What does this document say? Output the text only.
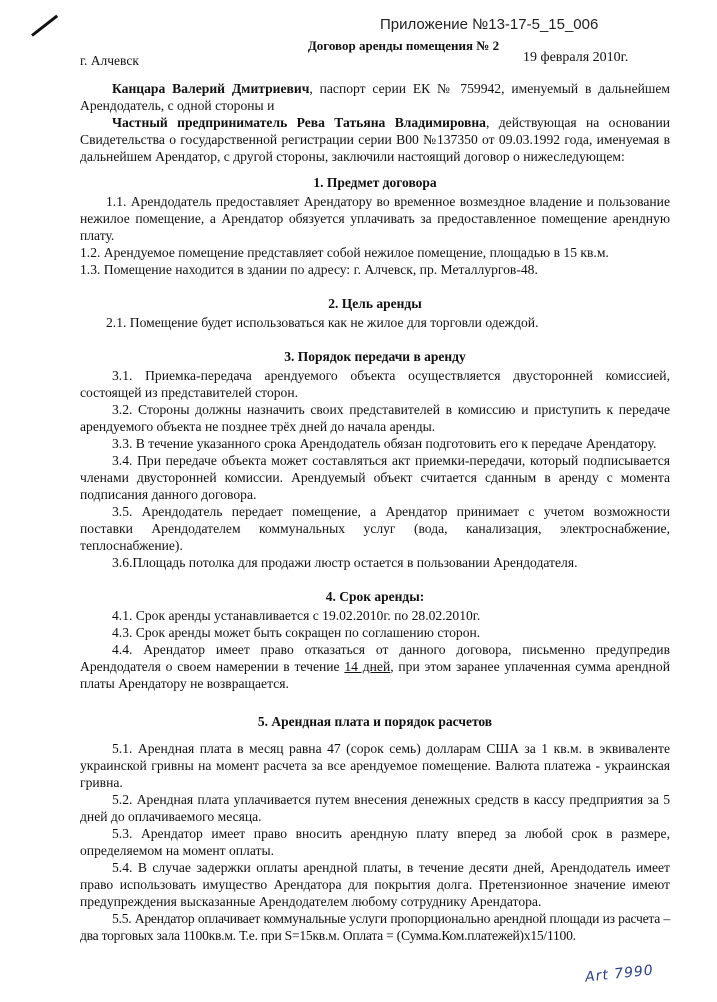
Приложение №13-17-5_15_006
Договор аренды помещения № 2
г. Алчевск	19 февраля 2010г.

Канцара Валерий Дмитриевич, паспорт серии ЕК № 759942, именуемый в дальнейшем Арендодатель, с одной стороны и

Частный предприниматель Рева Татьяна Владимировна, действующая на основании Свидетельства о государственной регистрации серии В00 №137350 от 09.03.1992 года, именуемая в дальнейшем Арендатор, с другой стороны, заключили настоящий договор о нижеследующем:

1. Предмет договора

1.1. Арендодатель предоставляет Арендатору во временное возмездное владение и пользование нежилое помещение, а Арендатор обязуется уплачивать за предоставленное помещение арендную плату.

1.2. Арендуемое помещение представляет собой нежилое помещение, площадью в 15 кв.м.

1.3. Помещение находится в здании по адресу: г. Алчевск, пр. Металлургов-48.

2. Цель аренды

2.1. Помещение будет использоваться как не жилое для торговли одеждой.

3. Порядок передачи в аренду

3.1. Приемка-передача арендуемого объекта осуществляется двусторонней комиссией, состоящей из представителей сторон.

3.2. Стороны должны назначить своих представителей в комиссию и приступить к передаче арендуемого объекта не позднее трёх дней до начала аренды.

3.3. В течение указанного срока Арендодатель обязан подготовить его к передаче Арендатору.

3.4. При передаче объекта может составляться акт приемки-передачи, который подписывается членами двусторонней комиссии. Арендуемый объект считается сданным в аренду с момента подписания данного договора.

3.5. Арендодатель передает помещение, а Арендатор принимает с учетом возможности поставки Арендодателем коммунальных услуг (вода, канализация, электроснабжение, теплоснабжение).

3.6.Площадь потолка для продажи люстр остается в пользовании Арендодателя.

4. Срок аренды:

4.1. Срок аренды устанавливается с 19.02.2010г. по 28.02.2010г.

4.3. Срок аренды может быть сокращен по соглашению сторон.

4.4. Арендатор имеет право отказаться от данного договора, письменно предупредив Арендодателя о своем намерении в течение 14 дней, при этом заранее уплаченная сумма арендной платы Арендатору не возвращается.

5. Арендная плата и порядок расчетов

5.1. Арендная плата в месяц равна 47 (сорок семь) долларам США за 1 кв.м. в эквиваленте украинской гривны на момент расчета за все арендуемое помещение. Валюта платежа - украинская гривна.

5.2. Арендная плата уплачивается путем внесения денежных средств в кассу предприятия за 5 дней до оплачиваемого месяца.

5.3. Арендатор имеет право вносить арендную плату вперед за любой срок в размере, определяемом на момент оплаты.

5.4. В случае задержки оплаты арендной платы, в течение десяти дней, Арендодатель имеет право использовать имущество Арендатора для покрытия долга. Претензионное значение имеют предупреждения высказанные Арендодателем любому сотруднику Арендатора.

5.5. Арендатор оплачивает коммунальные услуги пропорционально арендной площади из расчета – два торговых зала 1100кв.м. Т.е. при S=15кв.м. Оплата = (Сумма.Ком.платежей)х15/1100.

Art 7990
